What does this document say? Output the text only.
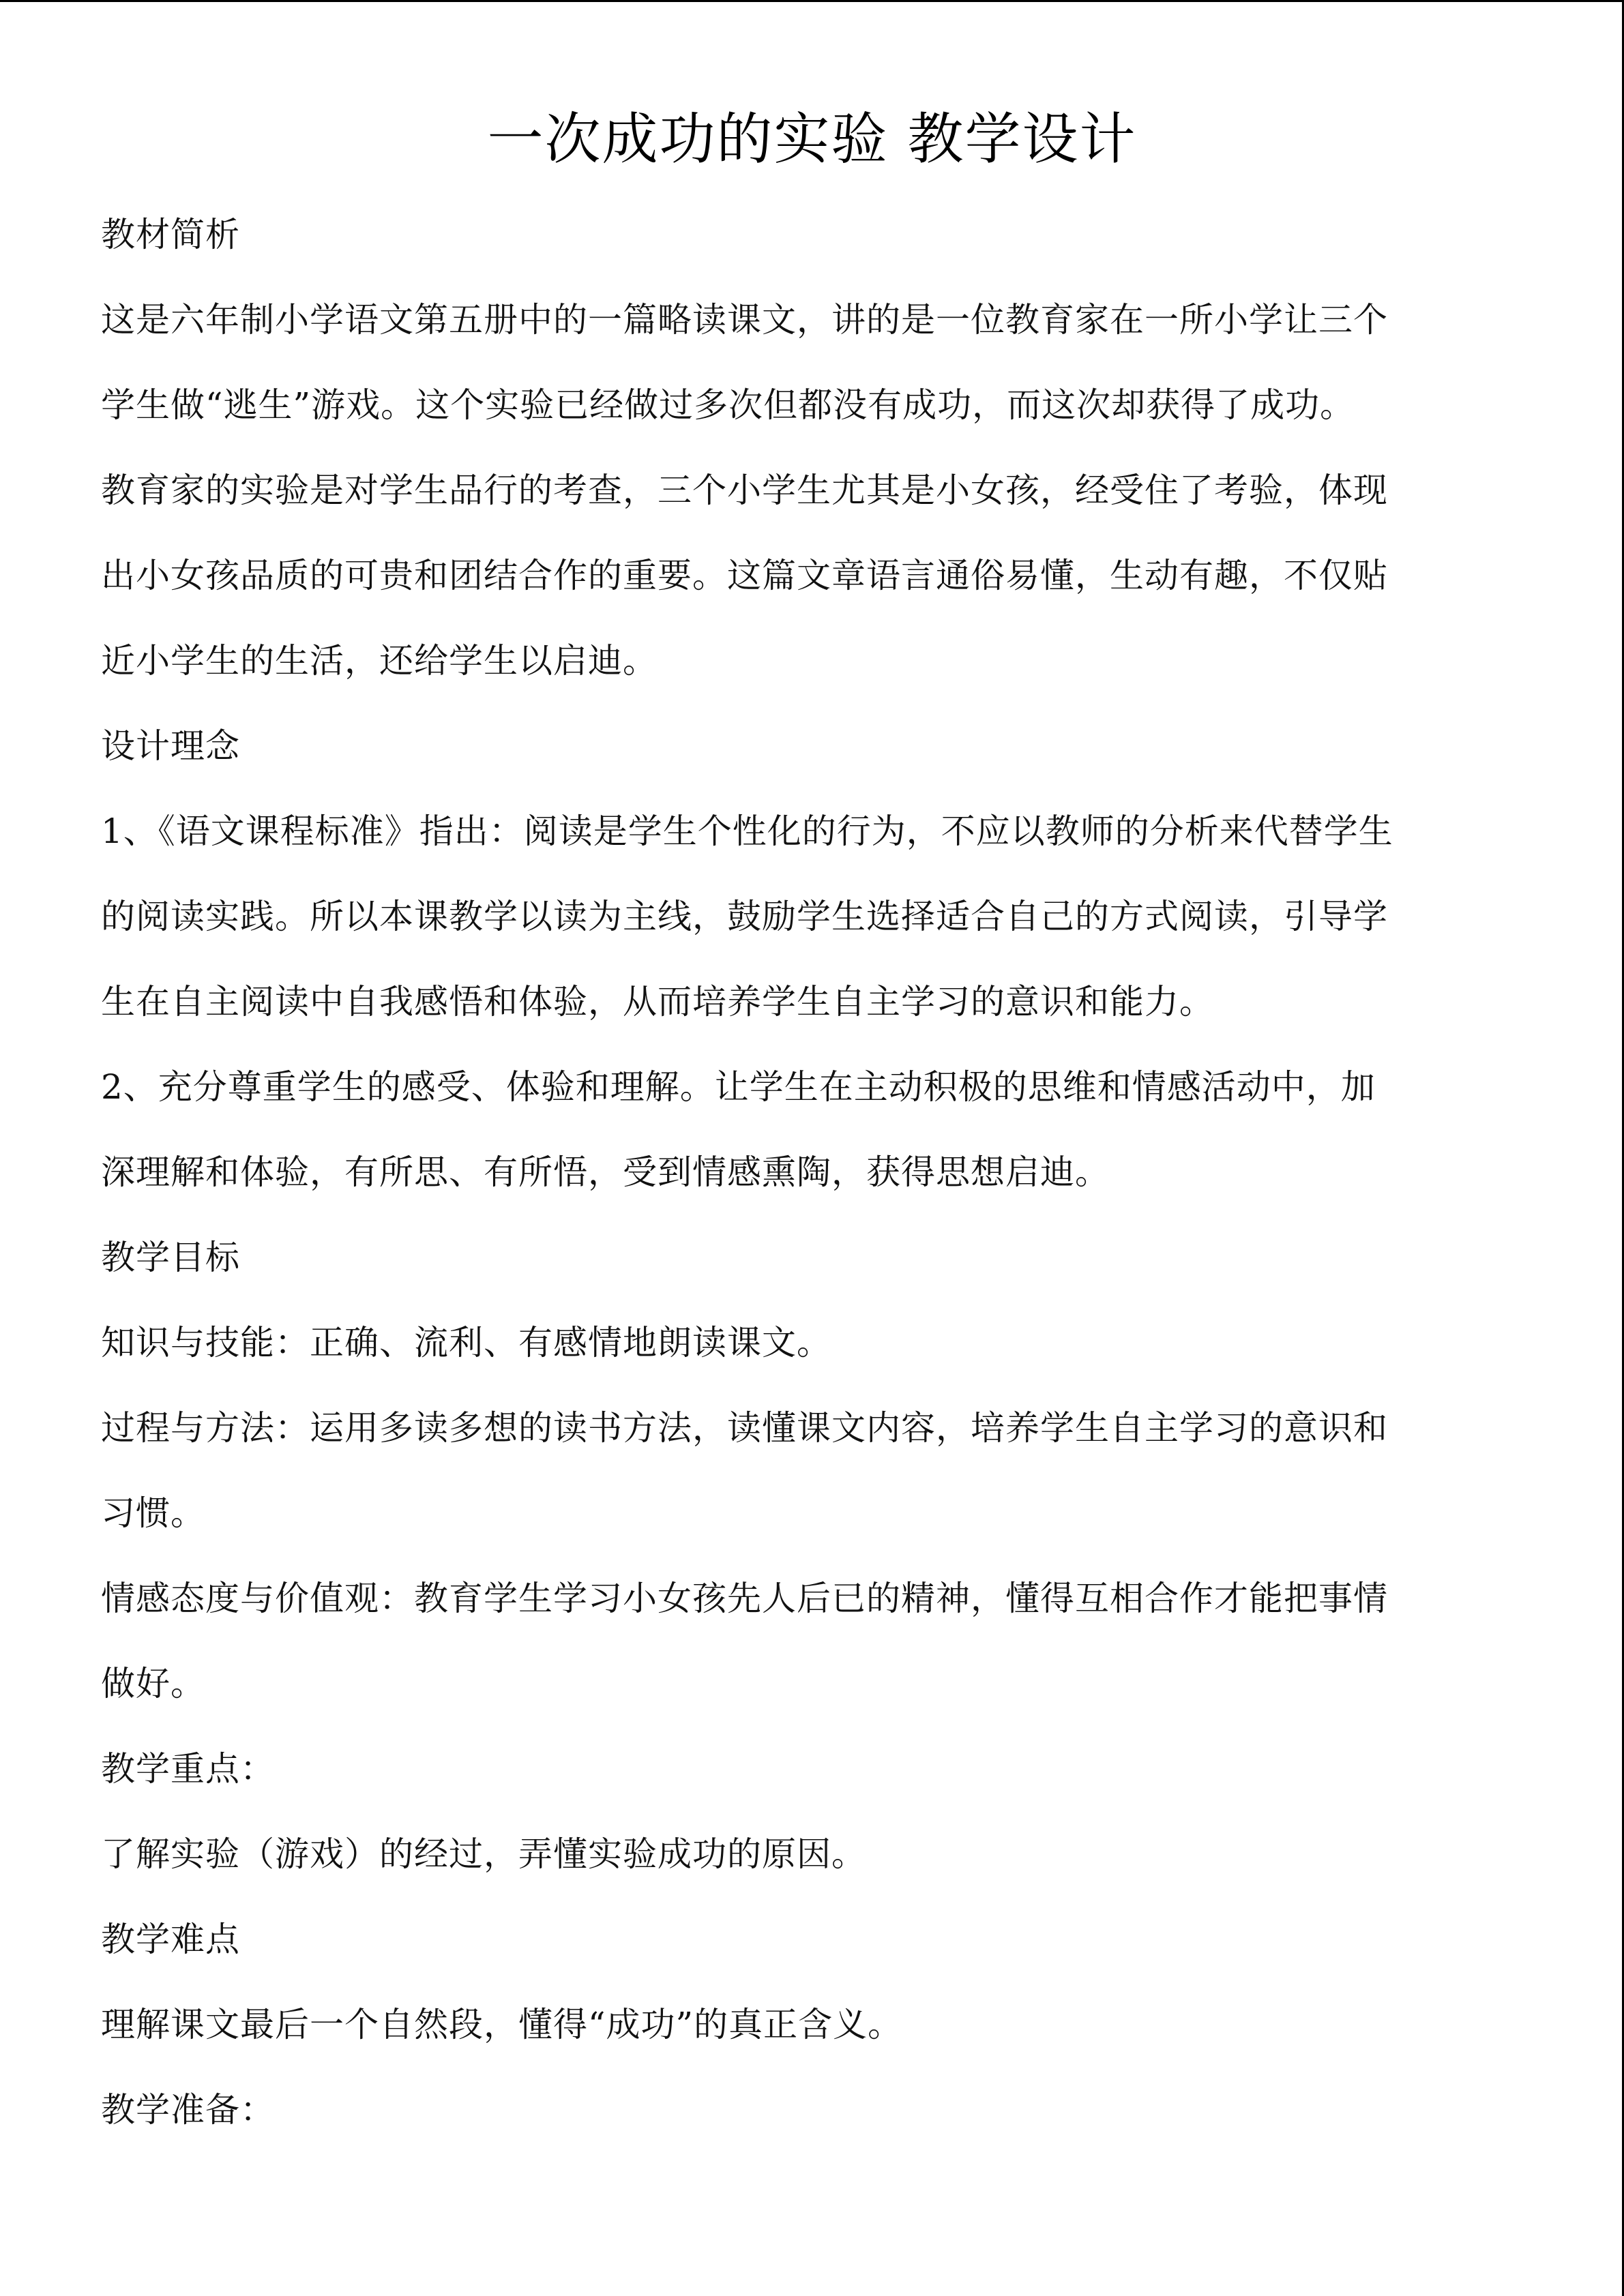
一次成功的实验 教学设计
教材简析
这是六年制小学语文第五册中的一篇略读课文，讲的是一位教育家在一所小学让三个
学生做“逃生”游戏。这个实验已经做过多次但都没有成功，而这次却获得了成功。
教育家的实验是对学生品行的考查，三个小学生尤其是小女孩，经受住了考验，体现
出小女孩品质的可贵和团结合作的重要。这篇文章语言通俗易懂，生动有趣，不仅贴
近小学生的生活，还给学生以启迪。
设计理念
1、《语文课程标准》指出：阅读是学生个性化的行为，不应以教师的分析来代替学生
的阅读实践。所以本课教学以读为主线，鼓励学生选择适合自己的方式阅读，引导学
生在自主阅读中自我感悟和体验，从而培养学生自主学习的意识和能力。
2、充分尊重学生的感受、体验和理解。让学生在主动积极的思维和情感活动中，加
深理解和体验，有所思、有所悟，受到情感熏陶，获得思想启迪。
教学目标
知识与技能：正确、流利、有感情地朗读课文。
过程与方法：运用多读多想的读书方法，读懂课文内容，培养学生自主学习的意识和
习惯。
情感态度与价值观：教育学生学习小女孩先人后已的精神，懂得互相合作才能把事情
做好。
教学重点：
了解实验（游戏）的经过，弄懂实验成功的原因。
教学难点
理解课文最后一个自然段，懂得“成功”的真正含义。
教学准备：
